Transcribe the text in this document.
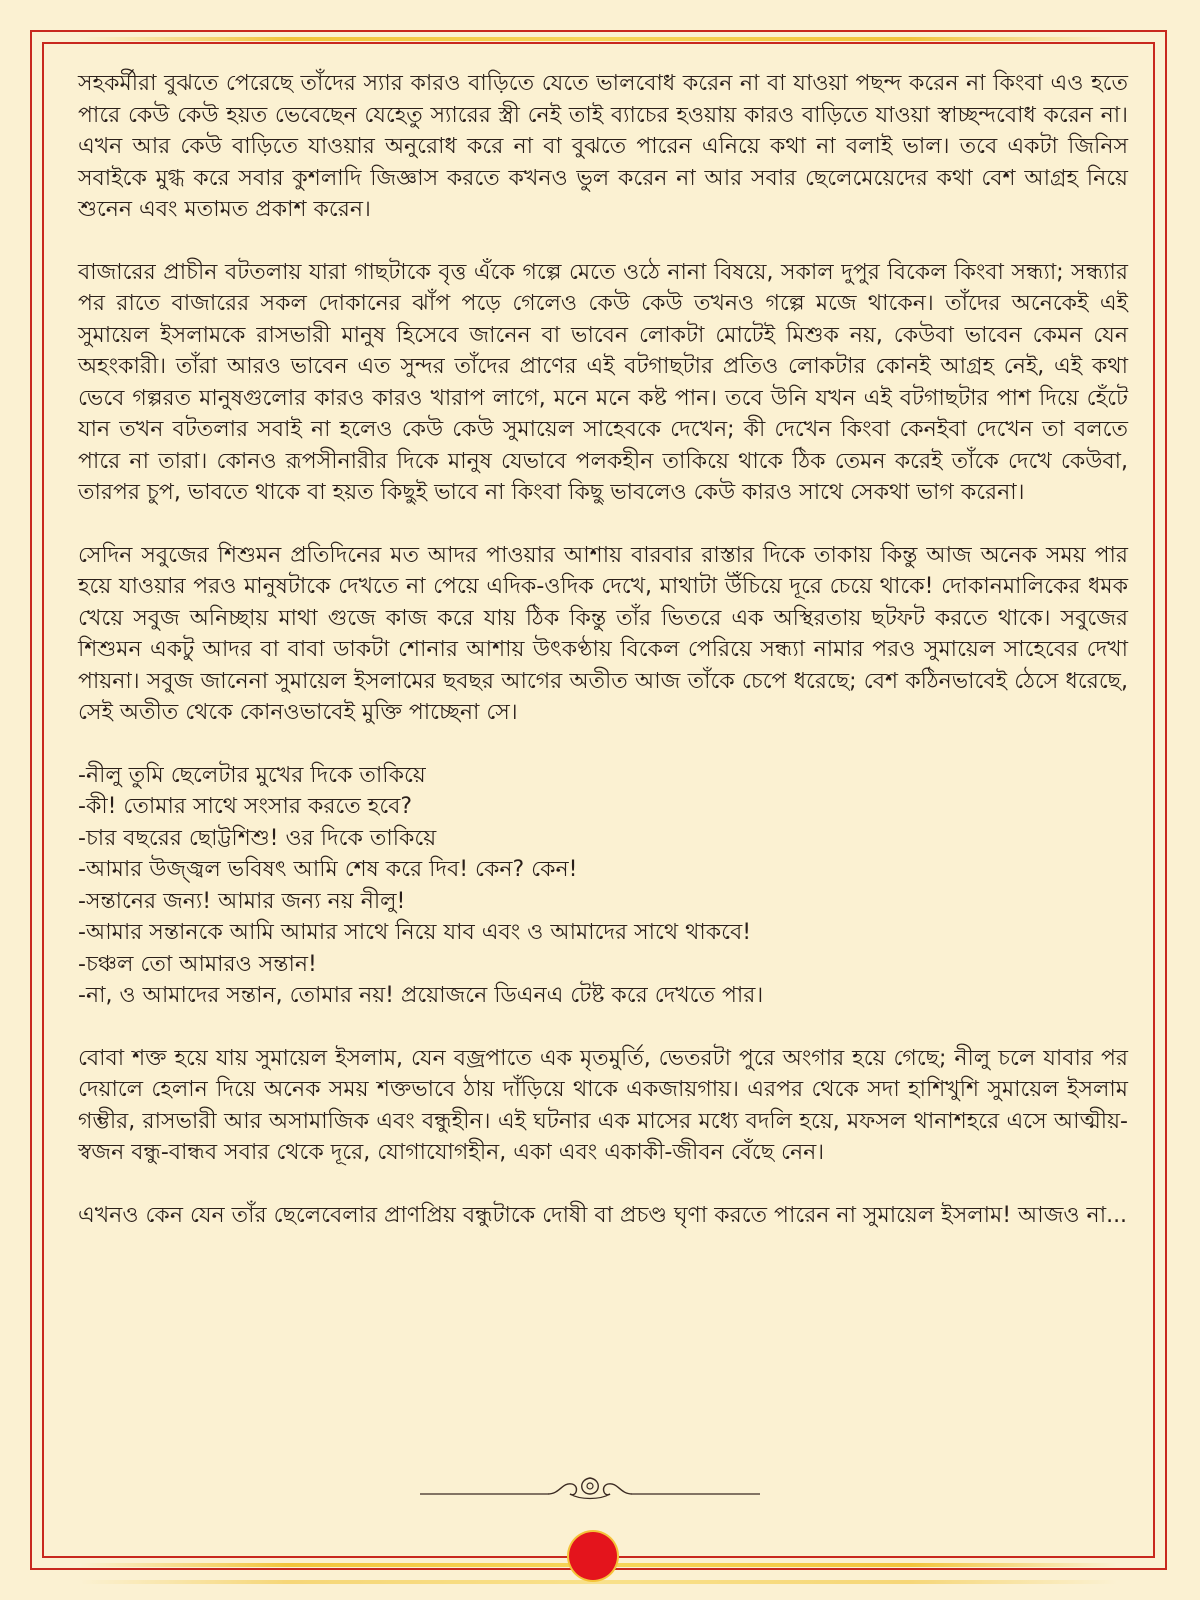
সহকর্মীরা বুঝতে পেরেছে তাঁদের স্যার কারও বাড়িতে যেতে ভালবোধ করেন না বা যাওয়া পছন্দ করেন না কিংবা এও হতে পারে কেউ কেউ হয়ত ভেবেছেন যেহেতু স্যারের স্ত্রী নেই তাই ব্যাচের হওয়ায় কারও বাড়িতে যাওয়া স্বাচ্ছন্দবোধ করেন না। এখন আর কেউ বাড়িতে যাওয়ার অনুরোধ করে না বা বুঝতে পারেন এনিয়ে কথা না বলাই ভাল। তবে একটা জিনিস সবাইকে মুগ্ধ করে সবার কুশলাদি জিজ্ঞাস করতে কখনও ভুল করেন না আর সবার ছেলেমেয়েদের কথা বেশ আগ্রহ নিয়ে শুনেন এবং মতামত প্রকাশ করেন।

বাজারের প্রাচীন বটতলায় যারা গাছটাকে বৃত্ত এঁকে গল্পে মেতে ওঠে নানা বিষয়ে, সকাল দুপুর বিকেল কিংবা সন্ধ্যা; সন্ধ্যার পর রাতে বাজারের সকল দোকানের ঝাঁপ পড়ে গেলেও কেউ কেউ তখনও গল্পে মজে থাকেন। তাঁদের অনেকেই এই সুমায়েল ইসলামকে রাসভারী মানুষ হিসেবে জানেন বা ভাবেন লোকটা মোটেই মিশুক নয়, কেউবা ভাবেন কেমন যেন অহংকারী। তাঁরা আরও ভাবেন এত সুন্দর তাঁদের প্রাণের এই বটগাছটার প্রতিও লোকটার কোনই আগ্রহ নেই, এই কথা ভেবে গল্পরত মানুষগুলোর কারও কারও খারাপ লাগে, মনে মনে কষ্ট পান। তবে উনি যখন এই বটগাছটার পাশ দিয়ে হেঁটে যান তখন বটতলার সবাই না হলেও কেউ কেউ সুমায়েল সাহেবকে দেখেন; কী দেখেন কিংবা কেনইবা দেখেন তা বলতে পারে না তারা। কোনও রূপসীনারীর দিকে মানুষ যেভাবে পলকহীন তাকিয়ে থাকে ঠিক তেমন করেই তাঁকে দেখে কেউবা, তারপর চুপ, ভাবতে থাকে বা হয়ত কিছুই ভাবে না কিংবা কিছু ভাবলেও কেউ কারও সাথে সেকথা ভাগ করেনা।

সেদিন সবুজের শিশুমন প্রতিদিনের মত আদর পাওয়ার আশায় বারবার রাস্তার দিকে তাকায় কিন্তু আজ অনেক সময় পার হয়ে যাওয়ার পরও মানুষটাকে দেখতে না পেয়ে এদিক-ওদিক দেখে, মাথাটা উঁচিয়ে দূরে চেয়ে থাকে! দোকানমালিকের ধমক খেয়ে সবুজ অনিচ্ছায় মাথা গুজে কাজ করে যায় ঠিক কিন্তু তাঁর ভিতরে এক অস্থিরতায় ছটফট করতে থাকে। সবুজের শিশুমন একটু আদর বা বাবা ডাকটা শোনার আশায় উৎকণ্ঠায় বিকেল পেরিয়ে সন্ধ্যা নামার পরও সুমায়েল সাহেবের দেখা পায়না। সবুজ জানেনা সুমায়েল ইসলামের ছবছর আগের অতীত আজ তাঁকে চেপে ধরেছে; বেশ কঠিনভাবেই ঠেসে ধরেছে, সেই অতীত থেকে কোনওভাবেই মুক্তি পাচ্ছেনা সে।

-নীলু তুমি ছেলেটার মুখের দিকে তাকিয়ে

-কী! তোমার সাথে সংসার করতে হবে?

-চার বছরের ছোট্টশিশু! ওর দিকে তাকিয়ে

-আমার উজ্জ্বল ভবিষৎ আমি শেষ করে দিব! কেন? কেন!

-সন্তানের জন্য! আমার জন্য নয় নীলু!

-আমার সন্তানকে আমি আমার সাথে নিয়ে যাব এবং ও আমাদের সাথে থাকবে!

-চঞ্চল তো আমারও সন্তান!

-না, ও আমাদের সন্তান, তোমার নয়! প্রয়োজনে ডিএনএ টেষ্ট করে দেখতে পার।

বোবা শক্ত হয়ে যায় সুমায়েল ইসলাম, যেন বজ্রপাতে এক মৃতমুর্তি, ভেতরটা পুরে অংগার হয়ে গেছে; নীলু চলে যাবার পর দেয়ালে হেলান দিয়ে অনেক সময় শক্তভাবে ঠায় দাঁড়িয়ে থাকে একজায়গায়। এরপর থেকে সদা হাশিখুশি সুমায়েল ইসলাম গম্ভীর, রাসভারী আর অসামাজিক এবং বন্ধুহীন। এই ঘটনার এক মাসের মধ্যে বদলি হয়ে, মফসল থানাশহরে এসে আত্মীয়-স্বজন বন্ধু-বান্ধব সবার থেকে দূরে, যোগাযোগহীন, একা এবং একাকী-জীবন বেঁছে নেন।

এখনও কেন যেন তাঁর ছেলেবেলার প্রাণপ্রিয় বন্ধুটাকে দোষী বা প্রচণ্ড ঘৃণা করতে পারেন না সুমায়েল ইসলাম! আজও না...
